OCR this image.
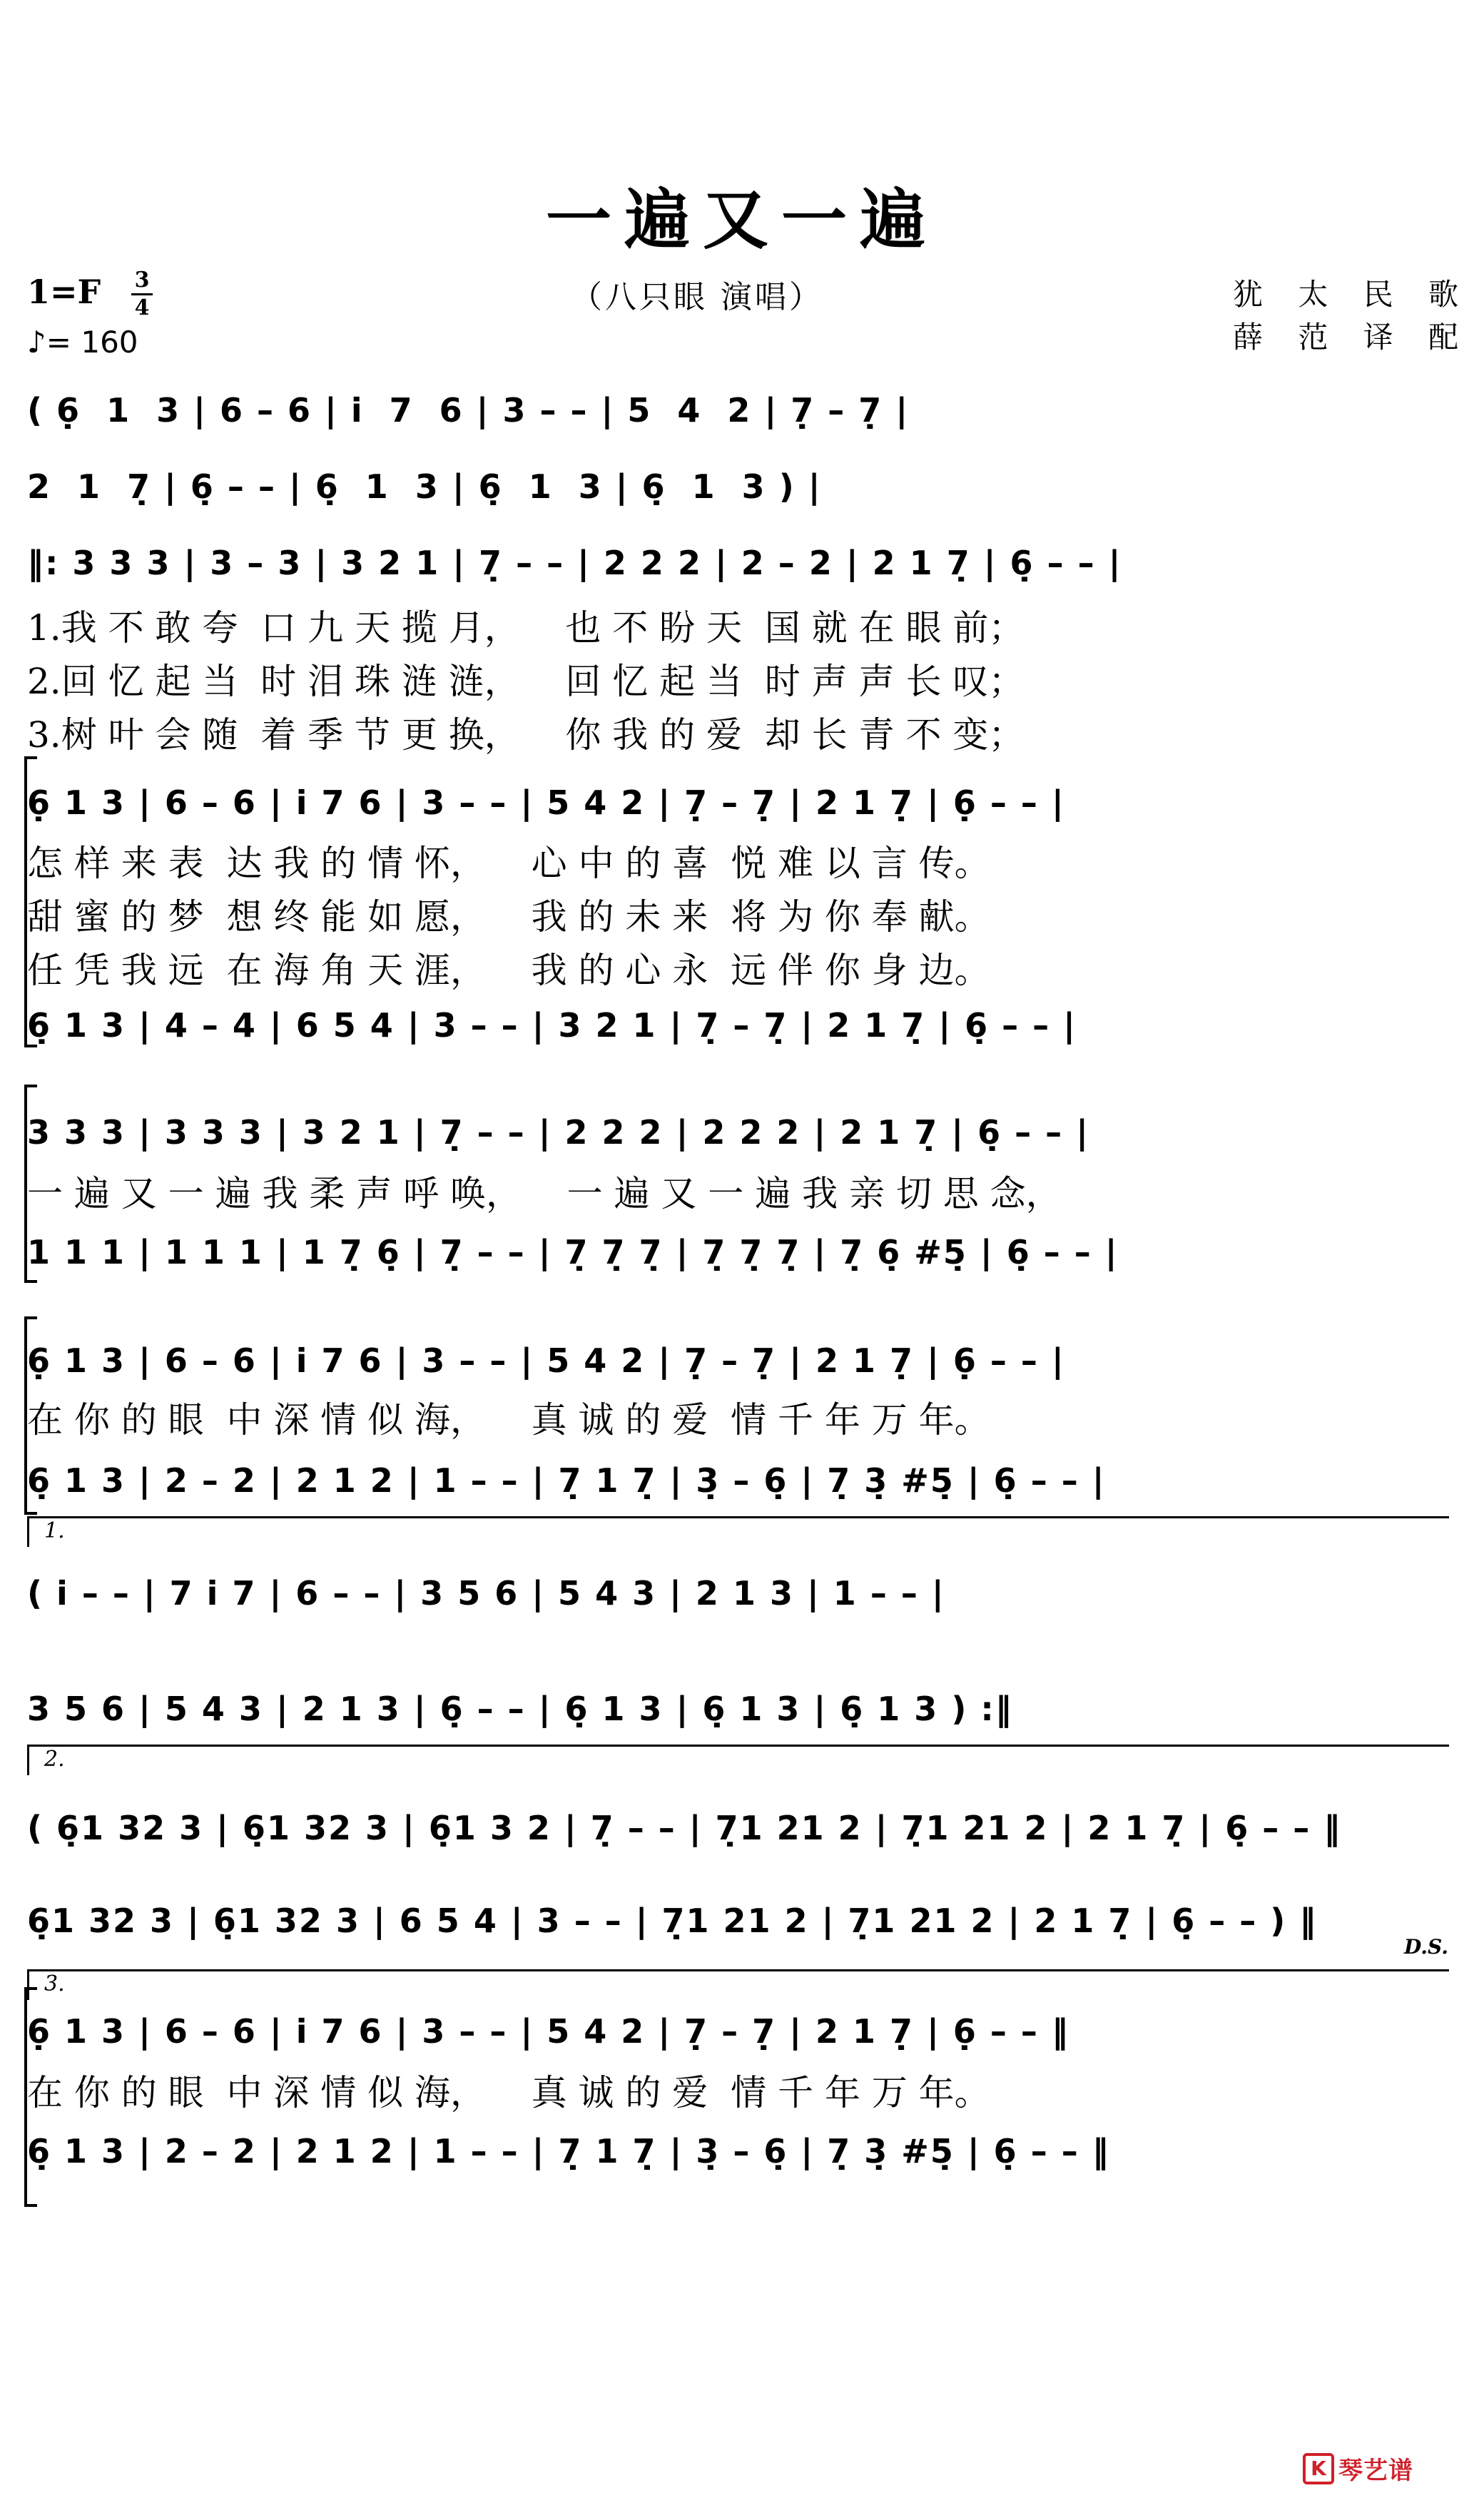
一遍又一遍
1=F 3
4
♪= 160
（八只眼 演唱）	犹 太 民 歌
薛 范 译 配
1.
2.
3.
( 6̣  1  3 | 6 – 6 | i̇  7  6 | 3 – – | 5  4  2 | 7̣ – 7̣ |
2  1  7̣ | 6̣ – – | 6̣  1  3 | 6̣  1  3 | 6̣  1  3 ) |
‖: 3 3 3 | 3 – 3 | 3 2 1 | 7̣ – – | 2 2 2 | 2 – 2 | 2 1 7̣ | 6̣ – – |
1.我 不 敢 夸  口 九 天 揽 月，    也 不 盼 天  国 就 在 眼 前；
2.回 忆 起 当  时 泪 珠 涟 涟，    回 忆 起 当  时 声 声 长 叹；
3.树 叶 会 随  着 季 节 更 换，    你 我 的 爱  却 长 青 不 变；
6̣ 1 3 | 6 – 6 | i̇ 7 6 | 3 – – | 5 4 2 | 7̣ – 7̣ | 2 1 7̣ | 6̣ – – |
怎 样 来 表  达 我 的 情 怀，    心 中 的 喜  悦 难 以 言 传。
甜 蜜 的 梦  想 终 能 如 愿，    我 的 未 来  将 为 你 奉 献。
任 凭 我 远  在 海 角 天 涯，    我 的 心 永  远 伴 你 身 边。
6̣ 1 3 | 4 – 4 | 6 5 4 | 3 – – | 3 2 1 | 7̣ – 7̣ | 2 1 7̣ | 6̣ – – |
3 3 3 | 3 3 3 | 3 2 1 | 7̣ – – | 2 2 2 | 2 2 2 | 2 1 7̣ | 6̣ – – |
一 遍 又 一 遍 我 柔 声 呼 唤，    一 遍 又 一 遍 我 亲 切 思 念，
1 1 1 | 1 1 1 | 1 7̣ 6̣ | 7̣ – – | 7̣ 7̣ 7̣ | 7̣ 7̣ 7̣ | 7̣ 6̣ #5̣ | 6̣ – – |
6̣ 1 3 | 6 – 6 | i̇ 7 6 | 3 – – | 5 4 2 | 7̣ – 7̣ | 2 1 7̣ | 6̣ – – |
在 你 的 眼  中 深 情 似 海，    真 诚 的 爱  情 千 年 万 年。
6̣ 1 3 | 2 – 2 | 2 1 2 | 1 – – | 7̣ 1 7̣ | 3̣ – 6̣ | 7̣ 3̣ #5̣ | 6̣ – – |
( i̇ – – | 7 i̇ 7 | 6 – – | 3 5 6 | 5 4 3 | 2 1 3 | 1 – – |
3 5 6 | 5 4 3 | 2 1 3 | 6̣ – – | 6̣ 1 3 | 6̣ 1 3 | 6̣ 1 3 ) :‖
( 6̣1 32 3 | 6̣1 32 3 | 6̣1 3 2 | 7̣ – – | 7̣1 21 2 | 7̣1 21 2 | 2 1 7̣ | 6̣ – – ‖
6̣1 32 3 | 6̣1 32 3 | 6 5 4 | 3 – – | 7̣1 21 2 | 7̣1 21 2 | 2 1 7̣ | 6̣ – – ) ‖
6̣ 1 3 | 6 – 6 | i̇ 7 6 | 3 – – | 5 4 2 | 7̣ – 7̣ | 2 1 7̣ | 6̣ – – ‖
在 你 的 眼  中 深 情 似 海，    真 诚 的 爱  情 千 年 万 年。
6̣ 1 3 | 2 – 2 | 2 1 2 | 1 – – | 7̣ 1 7̣ | 3̣ – 6̣ | 7̣ 3̣ #5̣ | 6̣ – – ‖
D.S.
K 琴艺谱
